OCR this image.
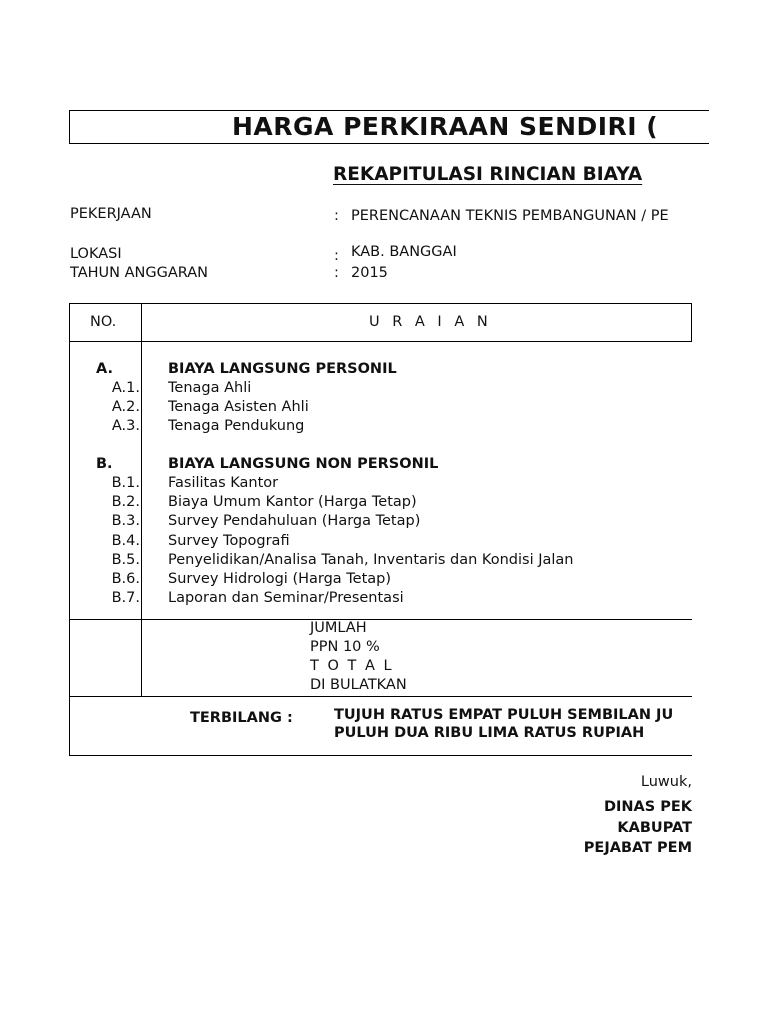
HARGA PERKIRAAN SENDIRI (
REKAPITULASI RINCIAN BIAYA
PEKERJAAN	: PERENCANAAN TEKNIS PEMBANGUNAN / PE
LOKASI	: KAB. BANGGAI
TAHUN ANGGARAN	: 2015
NO.	U R A I A N
A.	BIAYA LANGSUNG PERSONIL
A.1. Tenaga Ahli
A.2. Tenaga Asisten Ahli
A.3. Tenaga Pendukung
B.	BIAYA LANGSUNG NON PERSONIL
B.1. Fasilitas Kantor
B.2. Biaya Umum Kantor (Harga Tetap)
B.3. Survey Pendahuluan (Harga Tetap)
B.4. Survey Topografi
B.5. Penyelidikan/Analisa Tanah, Inventaris dan Kondisi Jalan
B.6. Survey Hidrologi (Harga Tetap)
B.7. Laporan dan Seminar/Presentasi
JUMLAH
PPN 10 %
T O T A L
DI BULATKAN
TERBILANG :	TUJUH RATUS EMPAT PULUH SEMBILAN JU
PULUH DUA RIBU LIMA RATUS RUPIAH
Luwuk,
DINAS PEK
KABUPAT
PEJABAT PEM
